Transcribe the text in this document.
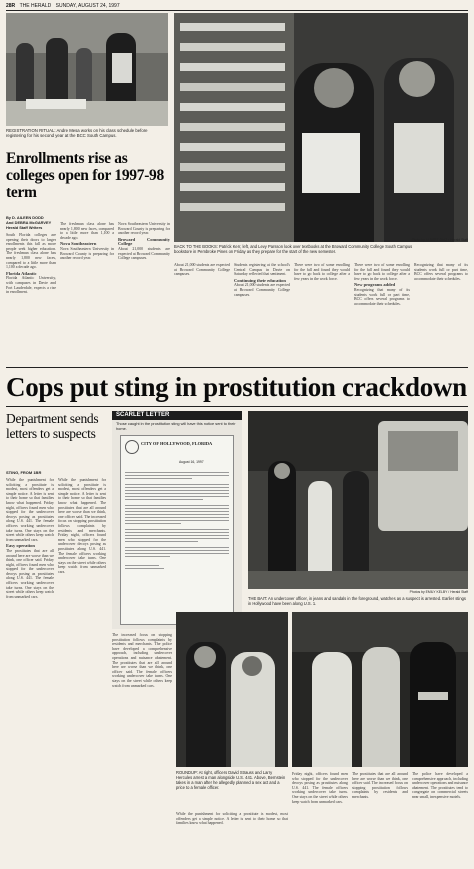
28R THE HERALD SUNDAY, AUGUST 24, 1997
REGISTRATION RITUAL: Andre Mesa works on his class schedule before registering for his second year at the BCC South Campus.
Enrollments rise as colleges open for 1997-98 term
By D. AILEEN DODD
And DEBRA McGARVEY
Herald Staff Writers
South Florida colleges are opening their doors to larger enrollments this fall as more people seek higher education. The freshman class alone has nearly 1,800 new faces, compared to a little more than 1,100 a decade ago.
Florida Atlantic
Florida Atlantic University, with campuses in Davie and Fort Lauderdale, expects a rise in enrollment.
The freshman class alone has nearly 1,800 new faces, compared to a little more than 1,100 a decade ago.
Nova Southeastern
Nova Southeastern University in Broward County is preparing for another record year.
Nova Southeastern University in Broward County is preparing for another record year.
Broward Community College
About 21,000 students are expected at Broward Community College campuses.
BACK TO THE BOOKS: Patrick Kerr, left, and Levy Parsson look over textbooks at the Broward Community College South Campus bookstore in Pembroke Pines on Friday as they prepare for the start of the new semester.
Photo by ALBERT DIAZ / Herald Staff
About 21,000 students are expected at Broward Community College campuses.
Students registering at the school's Central Campus in Davie on Saturday reflected that sentiment.
Continuing their education
About 21,000 students are expected at Broward Community College campuses.
There were two of some enrolling for the fall and found they would have to go back to college after a few years in the work force.
There were two of some enrolling for the fall and found they would have to go back to college after a few years in the work force.
New programs added
Recognizing that many of its students work full or part time, BCC offers several programs to accommodate their schedules.
Recognizing that many of its students work full or part time, BCC offers several programs to accommodate their schedules.
Cops put sting in prostitution crackdown
Department sends letters to suspects
STING, FROM 1BR
While the punishment for soliciting a prostitute is modest, most offenders get a simple notice. A letter is sent to their home so that families know what happened. Friday night, officers found men who stopped for the undercover decoys posing as prostitutes along U.S. 441. The female officers working undercover take turns. One stays on the street while others keep watch from unmarked cars.
Easy operation
The prostitutes that are all around here are worse than we think, one officer said. Friday night, officers found men who stopped for the undercover decoys posing as prostitutes along U.S. 441. The female officers working undercover take turns. One stays on the street while others keep watch from unmarked cars.
While the punishment for soliciting a prostitute is modest, most offenders get a simple notice. A letter is sent to their home so that families know what happened. The prostitutes that are all around here are worse than we think, one officer said. The increased focus on stopping prostitution follows complaints by residents and merchants. Friday night, officers found men who stopped for the undercover decoys posing as prostitutes along U.S. 441. The female officers working undercover take turns. One stays on the street while others keep watch from unmarked cars.
SCARLET LETTER
Those caught in the prostitution sting will have this notice sent to their home.
CITY OF HOLLYWOOD, FLORIDA
August 16, 1997
Photos by EMILY KELBY / Herald Staff
THE BAIT: An undercover officer, in jeans and sandals in the foreground, watches as a suspect is arrested. Earlier stings in Hollywood have been along U.S. 1.
The increased focus on stopping prostitution follows complaints by residents and merchants. The police have developed a comprehensive approach, including undercover operations and nuisance abatement. The prostitutes that are all around here are worse than we think, one officer said. The female officers working undercover take turns. One stays on the street while others keep watch from unmarked cars.
ROUNDUP: At right, officers David Strauss and Larry Hercules arrest a man alongside U.S. 441. Above, Bernstein takes in a man after he allegedly planned a sex act and a price to a female officer.
Friday night, officers found men who stopped for the undercover decoys posing as prostitutes along U.S. 441. The female officers working undercover take turns. One stays on the street while others keep watch from unmarked cars.
The prostitutes that are all around here are worse than we think, one officer said. The increased focus on stopping prostitution follows complaints by residents and merchants.
The police have developed a comprehensive approach, including undercover operations and nuisance abatement. The prostitutes tend to congregate on commercial streets near small, inexpensive motels.
While the punishment for soliciting a prostitute is modest, most offenders get a simple notice. A letter is sent to their home so that families know what happened.
